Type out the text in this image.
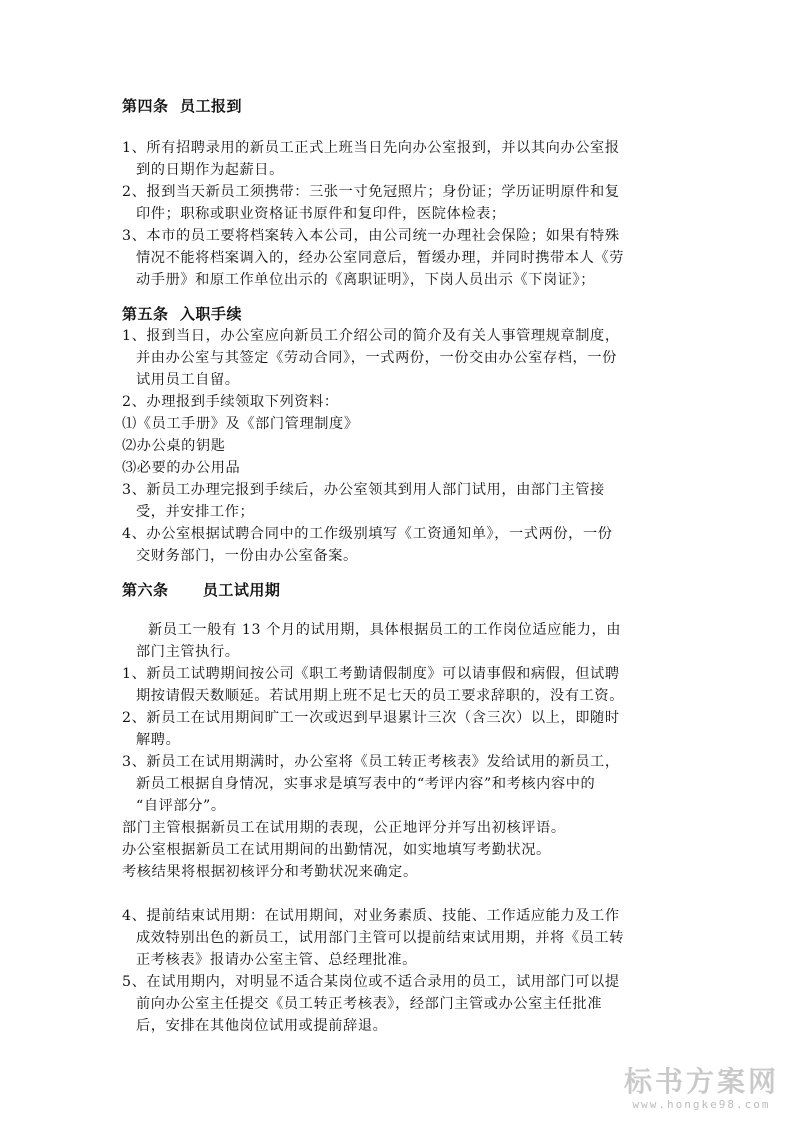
第四条  员工报到
1、所有招聘录用的新员工正式上班当日先向办公室报到，并以其向办公室报
到的日期作为起薪日。
2、报到当天新员工须携带：三张一寸免冠照片；身份证；学历证明原件和复
印件；职称或职业资格证书原件和复印件，医院体检表；
3、本市的员工要将档案转入本公司，由公司统一办理社会保险；如果有特殊
情况不能将档案调入的，经办公室同意后，暂缓办理，并同时携带本人《劳
动手册》和原工作单位出示的《离职证明》，下岗人员出示《下岗证》；
第五条  入职手续
1、报到当日，办公室应向新员工介绍公司的简介及有关人事管理规章制度，
并由办公室与其签定《劳动合同》，一式两份，一份交由办公室存档，一份
试用员工自留。
2、办理报到手续领取下列资料：
⑴《员工手册》及《部门管理制度》
⑵办公桌的钥匙
⑶必要的办公用品
3、新员工办理完报到手续后，办公室领其到用人部门试用，由部门主管接
受，并安排工作；
4、办公室根据试聘合同中的工作级别填写《工资通知单》，一式两份，一份
交财务部门，一份由办公室备案。
第六条      员工试用期
新员工一般有 13 个月的试用期，具体根据员工的工作岗位适应能力，由
部门主管执行。
1、新员工试聘期间按公司《职工考勤请假制度》可以请事假和病假，但试聘
期按请假天数顺延。若试用期上班不足七天的员工要求辞职的，没有工资。
2、新员工在试用期间旷工一次或迟到早退累计三次（含三次）以上，即随时
解聘。
3、新员工在试用期满时，办公室将《员工转正考核表》发给试用的新员工，
新员工根据自身情况，实事求是填写表中的“考评内容”和考核内容中的
“自评部分”。
部门主管根据新员工在试用期的表现，公正地评分并写出初核评语。
办公室根据新员工在试用期间的出勤情况，如实地填写考勤状况。
考核结果将根据初核评分和考勤状况来确定。
4、提前结束试用期：在试用期间，对业务素质、技能、工作适应能力及工作
成效特别出色的新员工，试用部门主管可以提前结束试用期，并将《员工转
正考核表》报请办公室主管、总经理批准。
5、在试用期内，对明显不适合某岗位或不适合录用的员工，试用部门可以提
前向办公室主任提交《员工转正考核表》，经部门主管或办公室主任批准
后，安排在其他岗位试用或提前辞退。
标书方案网
www.hongke98.com
